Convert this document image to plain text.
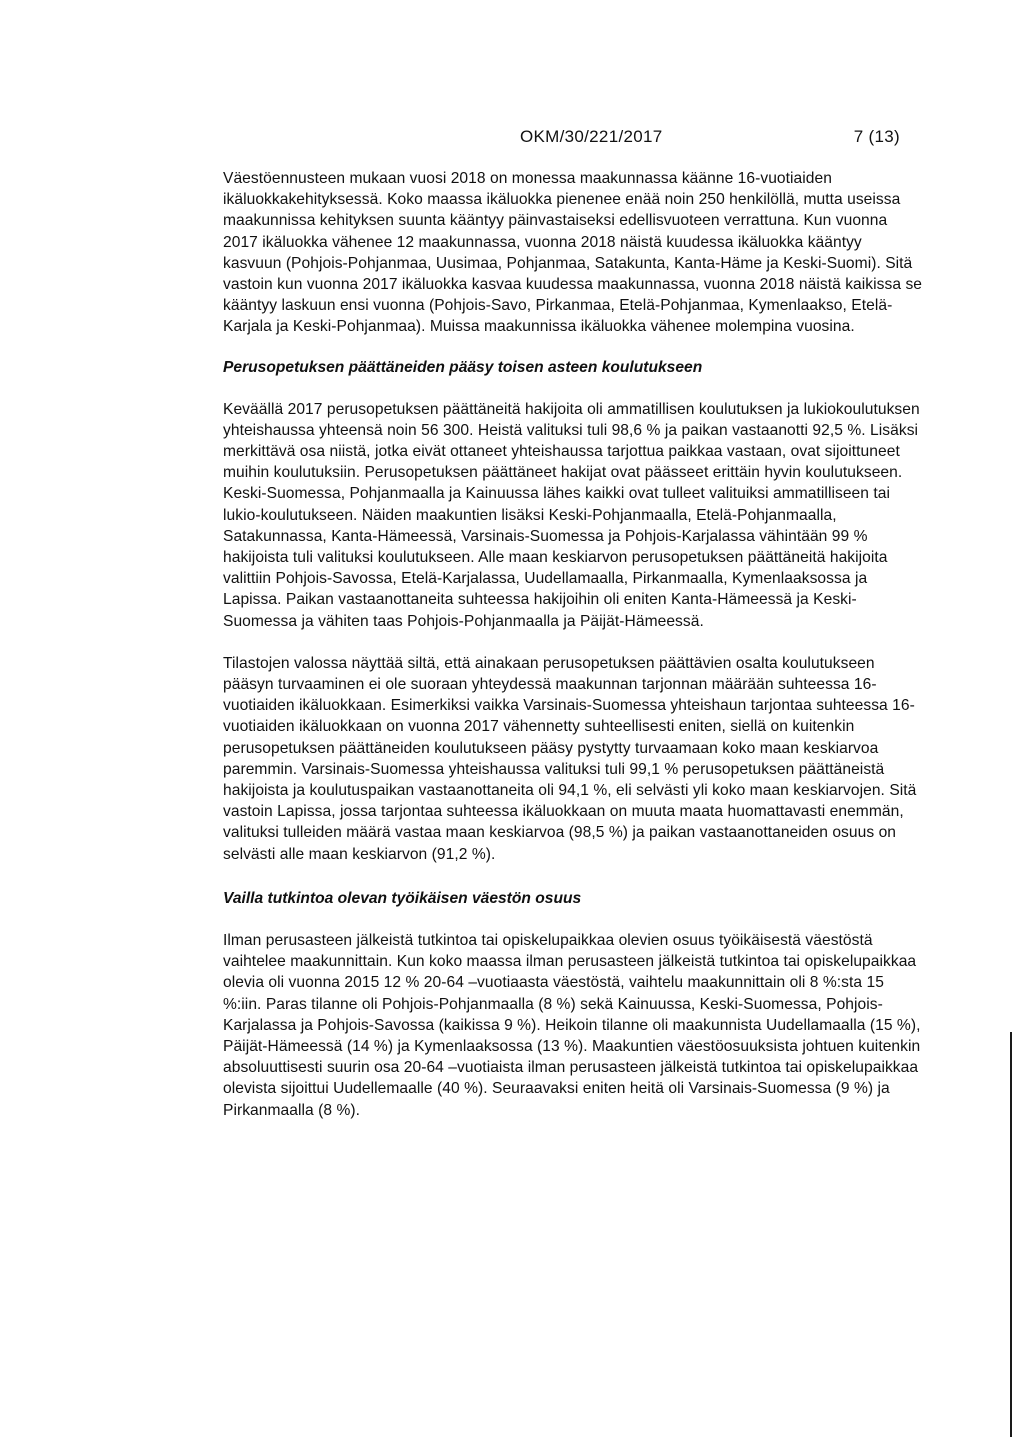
OKM/30/221/2017	7 (13)

Väestöennusteen mukaan vuosi 2018 on monessa maakunnassa käänne 16-vuotiaiden ikäluokkakehityksessä. Koko maassa ikäluokka pienenee enää noin 250 henkilöllä, mutta useissa maakunnissa kehityksen suunta kääntyy päinvastaiseksi edellisvuoteen verrattuna. Kun vuonna 2017 ikäluokka vähenee 12 maakunnassa, vuonna 2018 näistä kuudessa ikäluokka kääntyy kasvuun (Pohjois-Pohjanmaa, Uusimaa, Pohjanmaa, Satakunta, Kanta-Häme ja Keski-Suomi). Sitä vastoin kun vuonna 2017 ikäluokka kasvaa kuudessa maakunnassa, vuonna 2018 näistä kaikissa se kääntyy laskuun ensi vuonna (Pohjois-Savo, Pirkanmaa, Etelä-Pohjanmaa, Kymenlaakso, Etelä-Karjala ja Keski-Pohjanmaa). Muissa maakunnissa ikäluokka vähenee molempina vuosina.

Perusopetuksen päättäneiden pääsy toisen asteen koulutukseen

Keväällä 2017 perusopetuksen päättäneitä hakijoita oli ammatillisen koulutuksen ja lukiokoulutuksen yhteishaussa yhteensä noin 56 300. Heistä valituksi tuli 98,6 % ja paikan vastaanotti 92,5 %. Lisäksi merkittävä osa niistä, jotka eivät ottaneet yhteishaussa tarjottua paikkaa vastaan, ovat sijoittuneet muihin koulutuksiin. Perusopetuksen päättäneet hakijat ovat päässeet erittäin hyvin koulutukseen. Keski-Suomessa, Pohjanmaalla ja Kainuussa lähes kaikki ovat tulleet valituiksi ammatilliseen tai lukio-koulutukseen. Näiden maakuntien lisäksi Keski-Pohjanmaalla, Etelä-Pohjanmaalla, Satakunnassa, Kanta-Hämeessä, Varsinais-Suomessa ja Pohjois-Karjalassa vähintään 99 % hakijoista tuli valituksi koulutukseen. Alle maan keskiarvon perusopetuksen päättäneitä hakijoita valittiin Pohjois-Savossa, Etelä-Karjalassa, Uudellamaalla, Pirkanmaalla, Kymenlaaksossa ja Lapissa. Paikan vastaanottaneita suhteessa hakijoihin oli eniten Kanta-Hämeessä ja Keski-Suomessa ja vähiten taas Pohjois-Pohjanmaalla ja Päijät-Hämeessä.

Tilastojen valossa näyttää siltä, että ainakaan perusopetuksen päättävien osalta koulutukseen pääsyn turvaaminen ei ole suoraan yhteydessä maakunnan tarjonnan määrään suhteessa 16-vuotiaiden ikäluokkaan. Esimerkiksi vaikka Varsinais-Suomessa yhteishaun tarjontaa suhteessa 16-vuotiaiden ikäluokkaan on vuonna 2017 vähennetty suhteellisesti eniten, siellä on kuitenkin perusopetuksen päättäneiden koulutukseen pääsy pystytty turvaamaan koko maan keskiarvoa paremmin. Varsinais-Suomessa yhteishaussa valituksi tuli 99,1 % perusopetuksen päättäneistä hakijoista ja koulutuspaikan vastaanottaneita oli 94,1 %, eli selvästi yli koko maan keskiarvojen. Sitä vastoin Lapissa, jossa tarjontaa suhteessa ikäluokkaan on muuta maata huomattavasti enemmän, valituksi tulleiden määrä vastaa maan keskiarvoa (98,5 %) ja paikan vastaanottaneiden osuus on selvästi alle maan keskiarvon (91,2 %).

Vailla tutkintoa olevan työikäisen väestön osuus

Ilman perusasteen jälkeistä tutkintoa tai opiskelupaikkaa olevien osuus työikäisestä väestöstä vaihtelee maakunnittain. Kun koko maassa ilman perusasteen jälkeistä tutkintoa tai opiskelupaikkaa olevia oli vuonna 2015 12 % 20-64 –vuotiaasta väestöstä, vaihtelu maakunnittain oli 8 %:sta 15 %:iin. Paras tilanne oli Pohjois-Pohjanmaalla (8 %) sekä Kainuussa, Keski-Suomessa, Pohjois-Karjalassa ja Pohjois-Savossa (kaikissa 9 %). Heikoin tilanne oli maakunnista Uudellamaalla (15 %), Päijät-Hämeessä (14 %) ja Kymenlaaksossa (13 %). Maakuntien väestöosuuksista johtuen kuitenkin absoluuttisesti suurin osa 20-64 –vuotiaista ilman perusasteen jälkeistä tutkintoa tai opiskelupaikkaa olevista sijoittui Uudellemaalle (40 %). Seuraavaksi eniten heitä oli Varsinais-Suomessa (9 %) ja Pirkanmaalla (8 %).
